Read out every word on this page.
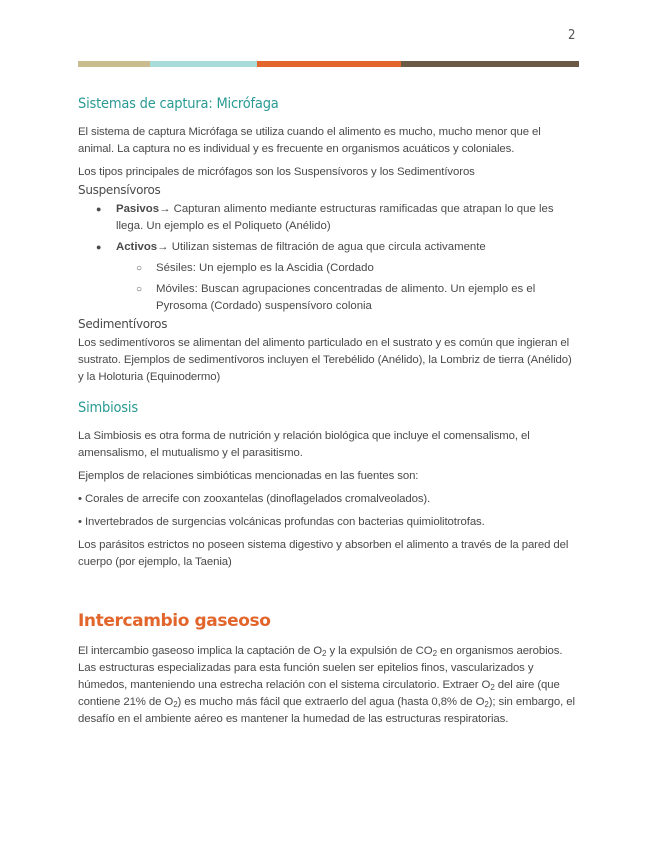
2
Sistemas de captura: Micrófaga

El sistema de captura Micrófaga se utiliza cuando el alimento es mucho, mucho menor que el animal. La captura no es individual y es frecuente en organismos acuáticos y coloniales.

Los tipos principales de micrófagos son los Suspensívoros y los Sedimentívoros

Suspensívoros
● Pasivos→ Capturan alimento mediante estructuras ramificadas que atrapan lo que les llega. Un ejemplo es el Poliqueto (Anélido)
● Activos→ Utilizan sistemas de filtración de agua que circula activamente
○ Sésiles: Un ejemplo es la Ascidia (Cordado
○ Móviles: Buscan agrupaciones concentradas de alimento. Un ejemplo es el Pyrosoma (Cordado) suspensívoro colonia
Sedimentívoros

Los sedimentívoros se alimentan del alimento particulado en el sustrato y es común que ingieran el sustrato. Ejemplos de sedimentívoros incluyen el Terebélido (Anélido), la Lombriz de tierra (Anélido) y la Holoturia (Equinodermo)

Simbiosis

La Simbiosis es otra forma de nutrición y relación biológica que incluye el comensalismo, el amensalismo, el mutualismo y el parasitismo.

Ejemplos de relaciones simbióticas mencionadas en las fuentes son:

• Corales de arrecife con zooxantelas (dinoflagelados cromalveolados).

• Invertebrados de surgencias volcánicas profundas con bacterias quimiolitotrofas.

Los parásitos estrictos no poseen sistema digestivo y absorben el alimento a través de la pared del cuerpo (por ejemplo, la Taenia)

Intercambio gaseoso

El intercambio gaseoso implica la captación de $O_2$ y la expulsión de $CO_2$ en organismos aerobios. Las estructuras especializadas para esta función suelen ser epitelios finos, vascularizados y húmedos, manteniendo una estrecha relación con el sistema circulatorio. Extraer $O_2$ del aire (que contiene 21% de $O_2$) es mucho más fácil que extraerlo del agua (hasta 0,8% de $O_2$); sin embargo, el desafío en el ambiente aéreo es mantener la humedad de las estructuras respiratorias.
